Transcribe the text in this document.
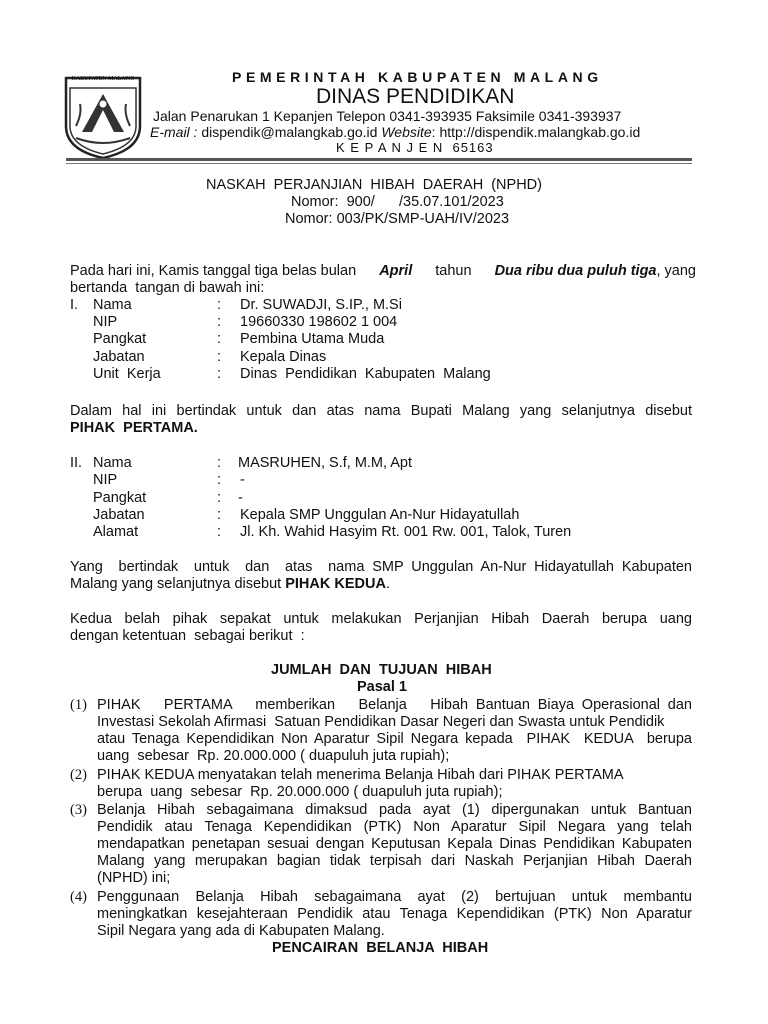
KABUPATEN MALANG	PEMERINTAH KABUPATEN MALANG
DINAS PENDIDIKAN
Jalan Penarukan 1 Kepanjen Telepon 0341-393935 Faksimile 0341-393937
E-mail : dispendik@malangkab.go.id Website: http://dispendik.malangkab.go.id
K E P A N J E N  65163
NASKAH  PERJANJIAN  HIBAH  DAERAH  (NPHD)
Nomor:  900/      /35.07.101/2023
Nomor: 003/PK/SMP-UAH/IV/2023
Pada hari ini, Kamis tanggal tiga belas bulan April tahun Dua ribu dua puluh tiga, yang
bertanda  tangan di bawah ini:
I. Nama	: Dr. SUWADJI, S.IP., M.Si
NIP	: 19660330 198602 1 004
Pangkat	: Pembina Utama Muda
Jabatan	: Kepala Dinas
Unit  Kerja	: Dinas  Pendidikan  Kabupaten  Malang
Dalam hal ini bertindak untuk dan atas nama Bupati Malang yang selanjutnya disebut
PIHAK  PERTAMA.
II. Nama	: MASRUHEN, S.f, M.M, Apt
NIP	: -
Pangkat	: -
Jabatan	: Kepala SMP Unggulan An-Nur Hidayatullah
Alamat	: Jl. Kh. Wahid Hasyim Rt. 001 Rw. 001, Talok, Turen
Yang  bertindak  untuk  dan  atas  nama SMP Unggulan An-Nur Hidayatullah Kabupaten
Malang yang selanjutnya disebut PIHAK KEDUA.
Kedua belah pihak sepakat untuk melakukan Perjanjian Hibah Daerah berupa uang
dengan ketentuan  sebagai berikut  :
JUMLAH  DAN  TUJUAN  HIBAH
Pasal 1
(1) PIHAK   PERTAMA   memberikan   Belanja   Hibah Bantuan Biaya Operasional dan
Investasi Sekolah Afirmasi  Satuan Pendidikan Dasar Negeri dan Swasta untuk Pendidik
atau Tenaga Kependidikan Non Aparatur Sipil Negara kepada  PIHAK  KEDUA  berupa
uang  sebesar  Rp. 20.000.000 ( duapuluh juta rupiah);
(2) PIHAK KEDUA menyatakan telah menerima Belanja Hibah dari PIHAK PERTAMA
berupa  uang  sebesar  Rp. 20.000.000 ( duapuluh juta rupiah);
(3) Belanja Hibah sebagaimana dimaksud pada ayat (1) dipergunakan untuk Bantuan
Pendidik atau Tenaga Kependidikan (PTK) Non Aparatur Sipil Negara yang telah
mendapatkan penetapan sesuai dengan Keputusan Kepala Dinas Pendidikan Kabupaten
Malang yang merupakan bagian tidak terpisah dari Naskah Perjanjian Hibah Daerah
(NPHD) ini;
(4) Penggunaan  Belanja  Hibah  sebagaimana  ayat  (2)  bertujuan  untuk  membantu
meningkatkan kesejahteraan Pendidik atau Tenaga Kependidikan (PTK) Non Aparatur
Sipil Negara yang ada di Kabupaten Malang.
PENCAIRAN  BELANJA  HIBAH
